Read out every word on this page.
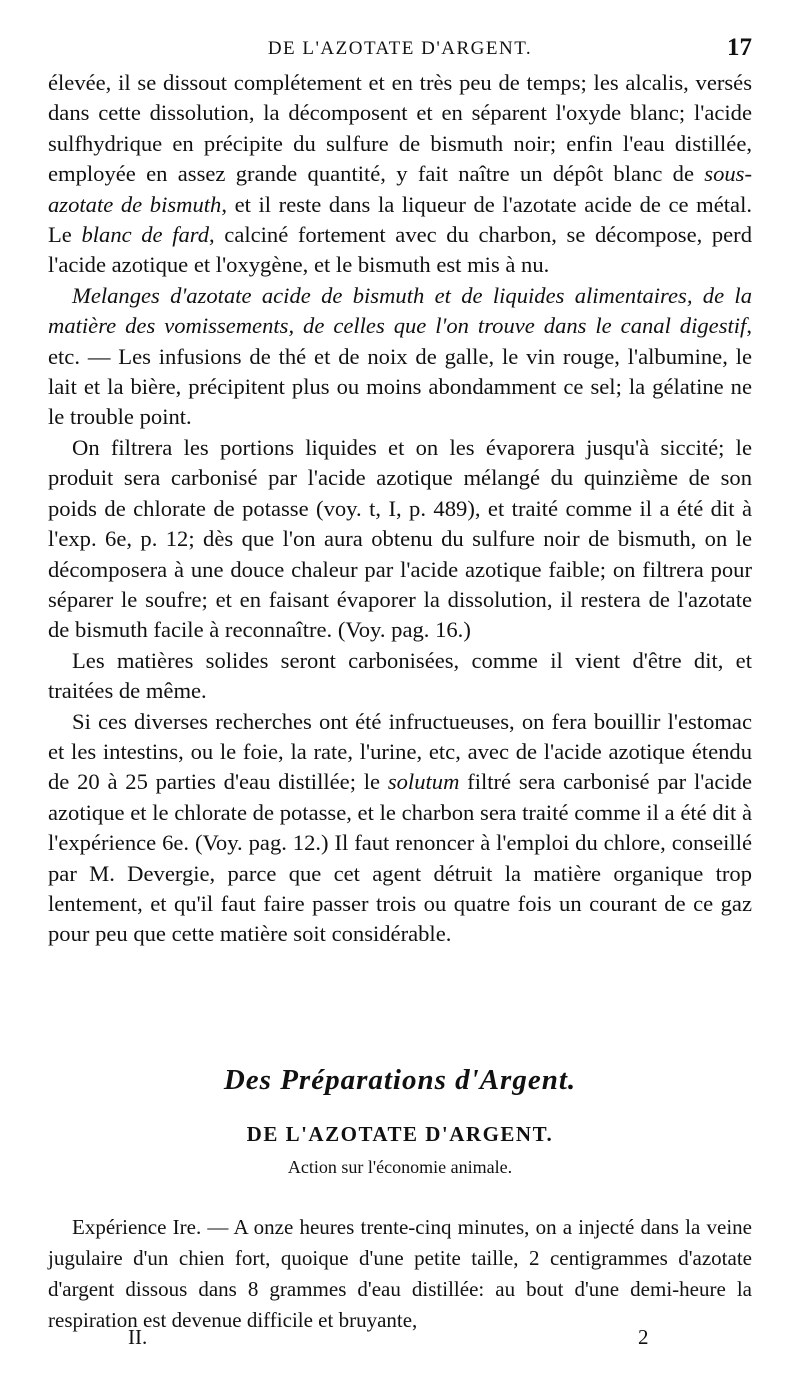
DE L'AZOTATE D'ARGENT.	17

élevée, il se dissout complétement et en très peu de temps; les alcalis, versés dans cette dissolution, la décomposent et en séparent l'oxyde blanc; l'acide sulfhydrique en précipite du sulfure de bismuth noir; enfin l'eau distillée, employée en assez grande quantité, y fait naître un dépôt blanc de sous-azotate de bismuth, et il reste dans la liqueur de l'azotate acide de ce métal. Le blanc de fard, calciné fortement avec du charbon, se décompose, perd l'acide azotique et l'oxygène, et le bismuth est mis à nu.

Melanges d'azotate acide de bismuth et de liquides alimentaires, de la matière des vomissements, de celles que l'on trouve dans le canal digestif, etc. — Les infusions de thé et de noix de galle, le vin rouge, l'albumine, le lait et la bière, précipitent plus ou moins abondamment ce sel; la gélatine ne le trouble point.

On filtrera les portions liquides et on les évaporera jusqu'à siccité; le produit sera carbonisé par l'acide azotique mélangé du quinzième de son poids de chlorate de potasse (voy. t, I, p. 489), et traité comme il a été dit à l'exp. 6e, p. 12; dès que l'on aura obtenu du sulfure noir de bismuth, on le décomposera à une douce chaleur par l'acide azotique faible; on filtrera pour séparer le soufre; et en faisant évaporer la dissolution, il restera de l'azotate de bismuth facile à reconnaître. (Voy. pag. 16.)

Les matières solides seront carbonisées, comme il vient d'être dit, et traitées de même.

Si ces diverses recherches ont été infructueuses, on fera bouillir l'estomac et les intestins, ou le foie, la rate, l'urine, etc, avec de l'acide azotique étendu de 20 à 25 parties d'eau distillée; le solutum filtré sera carbonisé par l'acide azotique et le chlorate de potasse, et le charbon sera traité comme il a été dit à l'expérience 6e. (Voy. pag. 12.) Il faut renoncer à l'emploi du chlore, conseillé par M. Devergie, parce que cet agent détruit la matière organique trop lentement, et qu'il faut faire passer trois ou quatre fois un courant de ce gaz pour peu que cette matière soit considérable.

Des Préparations d'Argent.
DE L'AZOTATE D'ARGENT.
Action sur l'économie animale.

Expérience Ire. — A onze heures trente-cinq minutes, on a injecté dans la veine jugulaire d'un chien fort, quoique d'une petite taille, 2 centigrammes d'azotate d'argent dissous dans 8 grammes d'eau distillée: au bout d'une demi-heure la respiration est devenue difficile et bruyante,

II.	2
